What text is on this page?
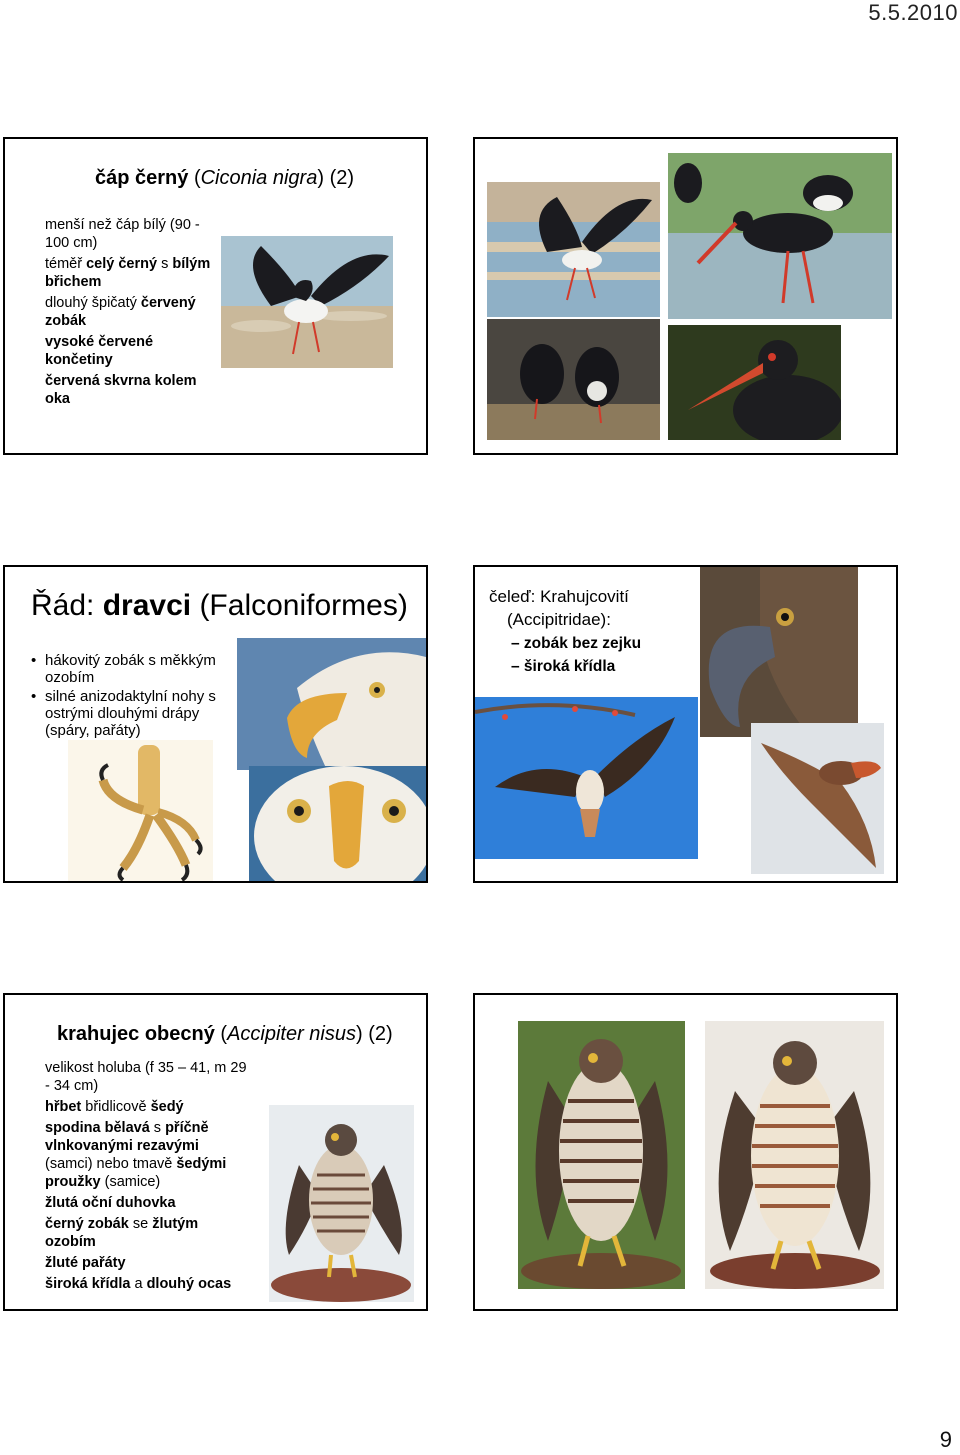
5.5.2010
čáp černý (Ciconia nigra) (2)
menší než čáp bílý (90 - 100 cm)
téměř celý černý s bílým břichem
dlouhý špičatý červený zobák
vysoké červené končetiny
červená skvrna kolem oka
Řád: dravci (Falconiformes)
• hákovitý zobák s měkkým ozobím
• silné anizodaktylní nohy s ostrými dlouhými drápy (spáry, pařáty)
čeleď: Krahujcovití
(Accipitridae):
– zobák bez zejku
– široká křídla
krahujec obecný (Accipiter nisus) (2)
velikost holuba (f 35 – 41, m 29 - 34 cm)
hřbet břidlicově šedý
spodina bělavá s příčně vlnkovanými rezavými (samci) nebo tmavě šedými proužky (samice)
žlutá oční duhovka
černý zobák se žlutým ozobím
žluté pařáty
široká křídla a dlouhý ocas
9
